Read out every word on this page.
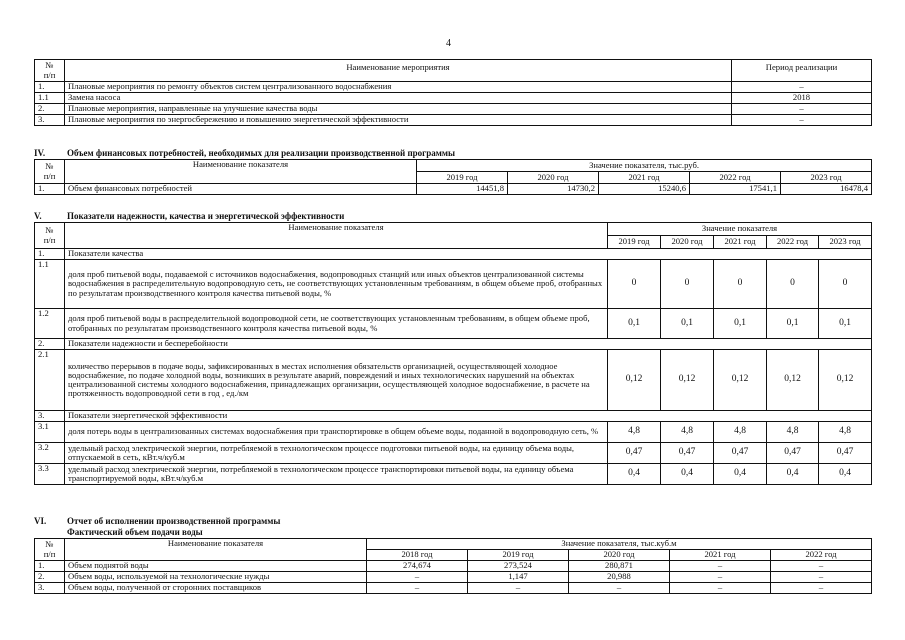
4
№
п/п	Наименование мероприятия	Период реализации
1.	Плановые мероприятия по ремонту объектов систем централизованного водоснабжения	–
1.1	Замена насоса	2018
2.	Плановые мероприятия, направленные на улучшение качества воды	–
3.	Плановые мероприятия по энергосбережению и повышению энергетической эффективности	–
IV. Объем финансовых потребностей, необходимых для реализации производственной программы
№
п/п	Наименование показателя	Значение показателя, тыс.руб.				
		2019 год	2020 год	2021 год	2022 год	2023 год
1.	Объем финансовых потребностей	14451,8	14730,2	15240,6	17541,1	16478,4
V.	Показатели надежности, качества и энергетической эффективности
№
п/п	Наименование показателя	Значение показателя				
		2019 год	2020 год	2021 год	2022 год	2023 год
1.	Показатели качества					
1.1	доля проб питьевой воды, подаваемой с источников водоснабжения, водопроводных станций или иных объектов централизованной системы водоснабжения в распределительную водопроводную сеть, не соответствующих установленным требованиям, в общем объеме проб, отобранных по результатам производственного контроля качества питьевой воды, %	0	0	0	0	0
1.2	доля проб питьевой воды в распределительной водопроводной сети, не соответствующих установленным требованиям, в общем объеме проб, отобранных по результатам производственного контроля качества питьевой воды, %	0,1	0,1	0,1	0,1	0,1
2.	Показатели надежности и бесперебойности					
2.1	количество перерывов в подаче воды, зафиксированных в местах исполнения обязательств организацией, осуществляющей холодное водоснабжение, по подаче холодной воды, возникших в результате аварий, повреждений и иных технологических нарушений на объектах централизованной системы холодного водоснабжения, принадлежащих организации, осуществляющей холодное водоснабжение, в расчете на протяженность водопроводной сети в год , ед./км	0,12	0,12	0,12	0,12	0,12
3.	Показатели энергетической эффективности					
3.1	доля потерь воды в централизованных системах водоснабжения при транспортировке в общем объеме воды, поданной в водопроводную сеть, %	4,8	4,8	4,8	4,8	4,8
3.2	удельный расход электрической энергии, потребляемой в технологическом процессе подготовки питьевой воды, на единицу объема воды, отпускаемой в сеть, кВт.ч/куб.м	0,47	0,47	0,47	0,47	0,47
3.3	удельный расход электрической энергии, потребляемой в технологическом процессе транспортировки питьевой воды, на единицу объема транспортируемой воды, кВт.ч/куб.м	0,4	0,4	0,4	0,4	0,4
VI. Отчет об исполнении производственной программы
Фактический объем подачи воды
№
п/п	Наименование показателя	Значение показателя, тыс.куб.м				
		2018 год	2019 год	2020 год	2021 год	2022 год
1.	Объем поднятой воды	274,674	273,524	280,871	–	–
2.	Объем воды, используемой на технологические нужды	–	1,147	20,988	–	–
3.	Объем воды, полученной от сторонних поставщиков	–	–	–	–	–
